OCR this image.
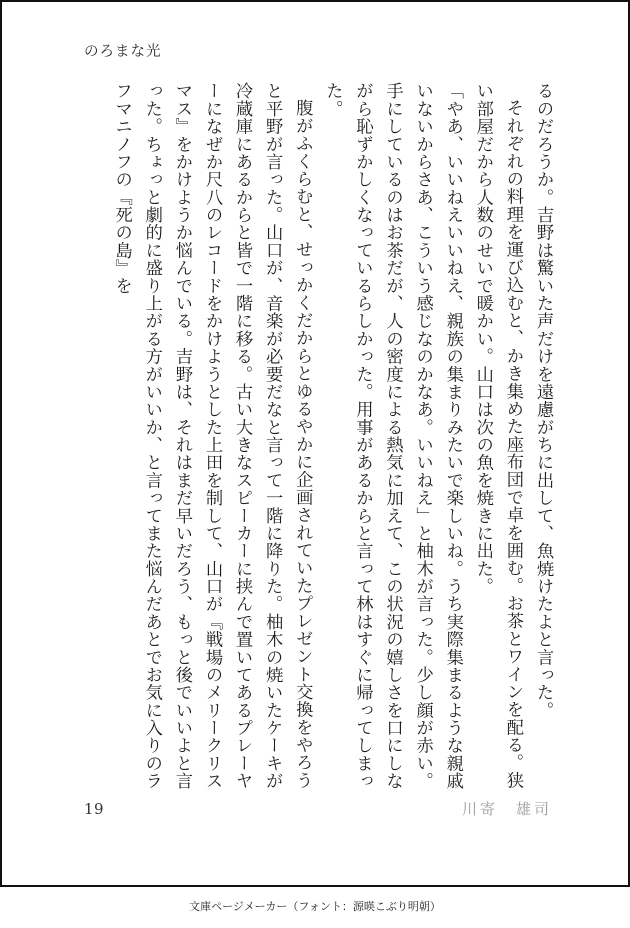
のろまな光

るのだろうか。吉野は驚いた声だけを遠慮がちに出して、魚焼けたよと言った。

それぞれの料理を運び込むと、かき集めた座布団で卓を囲む。お茶とワインを配る。狭い部屋だから人数のせいで暖かい。山口は次の魚を焼きに出た。

「やあ、いいねえいいねえ、親族の集まりみたいで楽しいね。うち実際集まるような親戚いないからさあ、こういう感じなのかなあ。いいねえ」と柚木が言った。少し顔が赤い。手にしているのはお茶だが、人の密度による熱気に加えて、この状況の嬉しさを口にしながら恥ずかしくなっているらしかった。用事があるからと言って林はすぐに帰ってしまった。

腹がふくらむと、せっかくだからとゆるやかに企画されていたプレゼント交換をやろうと平野が言った。山口が、音楽が必要だなと言って一階に降りた。柚木の焼いたケーキが冷蔵庫にあるからと皆で一階に移る。古い大きなスピーカーに挟んで置いてあるプレーヤーになぜか尺八のレコードをかけようとした上田を制して、山口が『戦場のメリークリスマス』をかけようか悩んでいる。吉野は、それはまだ早いだろう、もっと後でいいよと言った。ちょっと劇的に盛り上がる方がいいか、と言ってまた悩んだあとでお気に入りのラフマニノフの『死の島』を

19	川寄　雄司
文庫ページメーカー（フォント：源暎こぶり明朝）
